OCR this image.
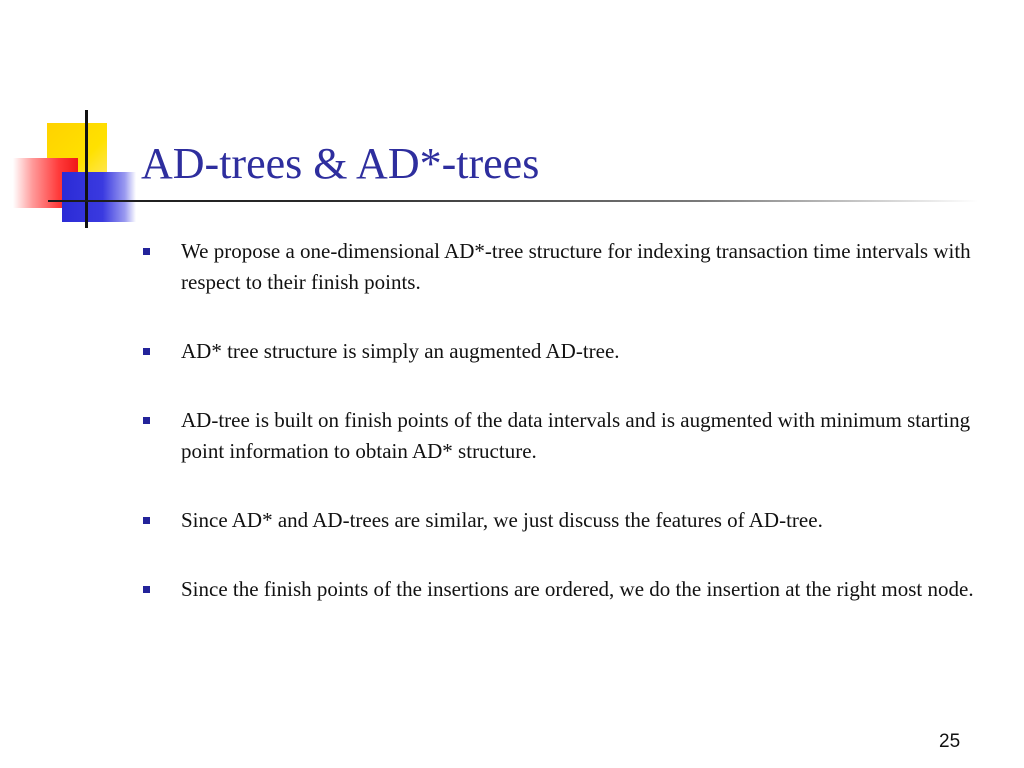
AD-trees & AD*-trees
We propose a one-dimensional AD*-tree structure for indexing transaction time intervals with respect to their finish points.
AD* tree structure is simply an augmented AD-tree.
AD-tree is built on finish points of the data intervals and is augmented with minimum starting point information to obtain AD* structure.
Since AD* and AD-trees are similar, we just discuss the features of AD-tree.
Since the finish points of the insertions are ordered, we do the insertion at the right most node.
25
